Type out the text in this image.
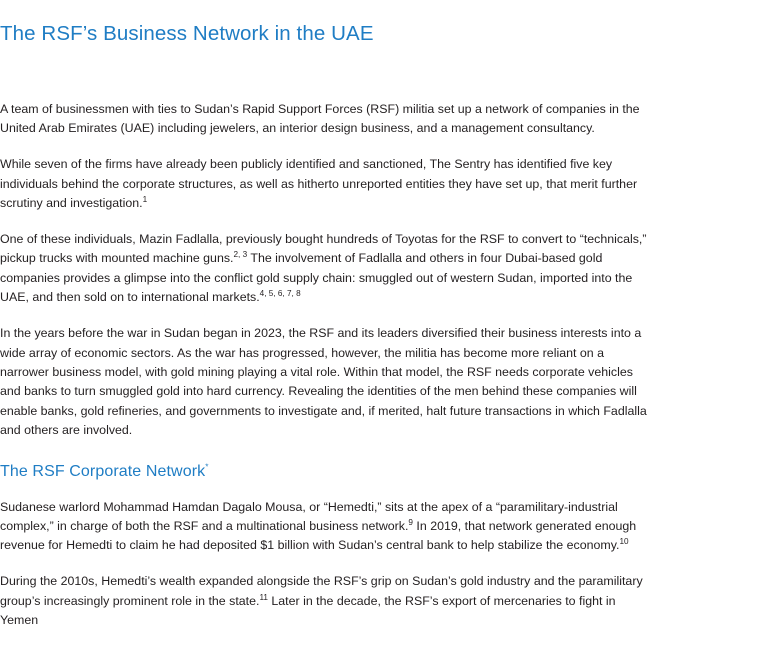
The RSF’s Business Network in the UAE

A team of businessmen with ties to Sudan’s Rapid Support Forces (RSF) militia set up a network of companies in the United Arab Emirates (UAE) including jewelers, an interior design business, and a management consultancy.

While seven of the firms have already been publicly identified and sanctioned, The Sentry has identified five key individuals behind the corporate structures, as well as hitherto unreported entities they have set up, that merit further scrutiny and investigation.$^1$

One of these individuals, Mazin Fadlalla, previously bought hundreds of Toyotas for the RSF to convert to “technicals,” pickup trucks with mounted machine guns.$^{2, 3}$ The involvement of Fadlalla and others in four Dubai-based gold companies provides a glimpse into the conflict gold supply chain: smuggled out of western Sudan, imported into the UAE, and then sold on to international markets.$^{4, 5, 6, 7, 8}$

In the years before the war in Sudan began in 2023, the RSF and its leaders diversified their business interests into a wide array of economic sectors. As the war has progressed, however, the militia has become more reliant on a narrower business model, with gold mining playing a vital role. Within that model, the RSF needs corporate vehicles and banks to turn smuggled gold into hard currency. Revealing the identities of the men behind these companies will enable banks, gold refineries, and governments to investigate and, if merited, halt future transactions in which Fadlalla and others are involved.

The RSF Corporate Network*

Sudanese warlord Mohammad Hamdan Dagalo Mousa, or “Hemedti,” sits at the apex of a “paramilitary-industrial complex,” in charge of both the RSF and a multinational business network.$^9$ In 2019, that network generated enough revenue for Hemedti to claim he had deposited $1 billion with Sudan’s central bank to help stabilize the economy.$^{10}$

During the 2010s, Hemedti’s wealth expanded alongside the RSF’s grip on Sudan’s gold industry and the paramilitary group’s increasingly prominent role in the state.$^{11}$ Later in the decade, the RSF’s export of mercenaries to fight in Yemen
